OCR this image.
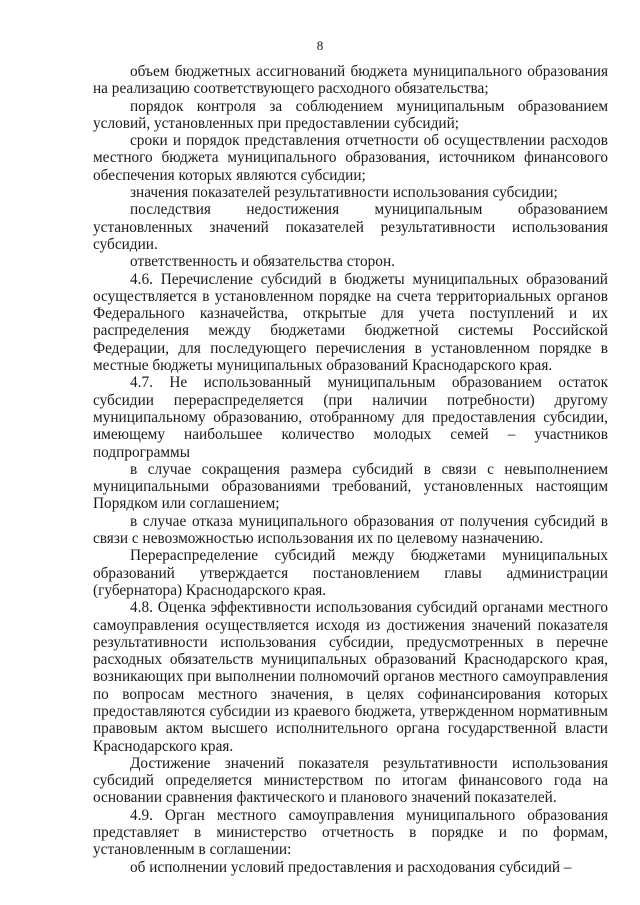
8

объем бюджетных ассигнований бюджета муниципального образования на реализацию соответствующего расходного обязательства;

порядок контроля за соблюдением муниципальным образованием условий, установленных при предоставлении субсидий;

сроки и порядок представления отчетности об осуществлении расходов местного бюджета муниципального образования, источником финансового обеспечения которых являются субсидии;

значения показателей результативности использования субсидии;

последствия недостижения муниципальным образованием установленных значений показателей результативности использования субсидии.

ответственность и обязательства сторон.

4.6. Перечисление субсидий в бюджеты муниципальных образований осуществляется в установленном порядке на счета территориальных органов Федерального казначейства, открытые для учета поступлений и их распределения между бюджетами бюджетной системы Российской Федерации, для последующего перечисления в установленном порядке в местные бюджеты муниципальных образований Краснодарского края.

4.7. Не использованный муниципальным образованием остаток субсидии перераспределяется (при наличии потребности) другому муниципальному образованию, отобранному для предоставления субсидии, имеющему наибольшее количество молодых семей – участников подпрограммы

в случае сокращения размера субсидий в связи с невыполнением муниципальными образованиями требований, установленных настоящим Порядком или соглашением;

в случае отказа муниципального образования от получения субсидий в связи с невозможностью использования их по целевому назначению.

Перераспределение субсидий между бюджетами муниципальных образований утверждается постановлением главы администрации (губернатора) Краснодарского края.

4.8. Оценка эффективности использования субсидий органами местного самоуправления осуществляется исходя из достижения значений показателя результативности использования субсидии, предусмотренных в перечне расходных обязательств муниципальных образований Краснодарского края, возникающих при выполнении полномочий органов местного самоуправления по вопросам местного значения, в целях софинансирования которых предоставляются субсидии из краевого бюджета, утвержденном нормативным правовым актом высшего исполнительного органа государственной власти Краснодарского края.

Достижение значений показателя результативности использования субсидий определяется министерством по итогам финансового года на основании сравнения фактического и планового значений показателей.

4.9. Орган местного самоуправления муниципального образования представляет в министерство отчетность в порядке и по формам, установленным в соглашении:

об исполнении условий предоставления и расходования субсидий –
